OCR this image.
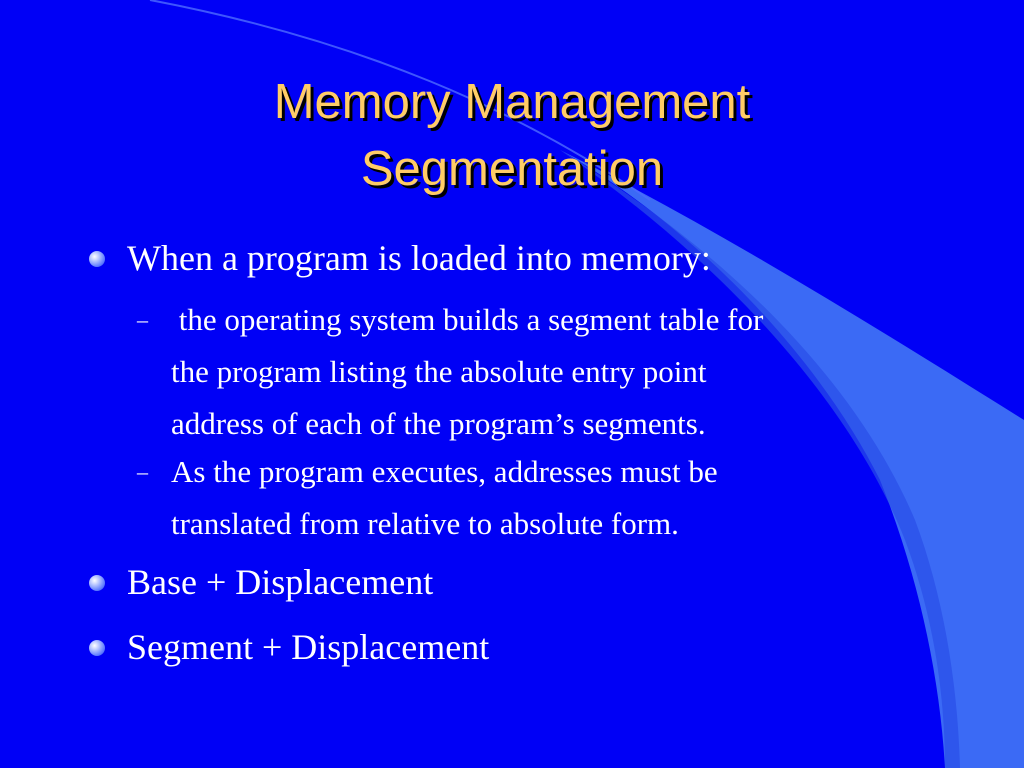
Memory Management
Segmentation
When a program is loaded into memory:
– the operating system builds a segment table for
the program listing the absolute entry point
address of each of the program’s segments.
– As the program executes, addresses must be
translated from relative to absolute form.
Base + Displacement
Segment + Displacement
